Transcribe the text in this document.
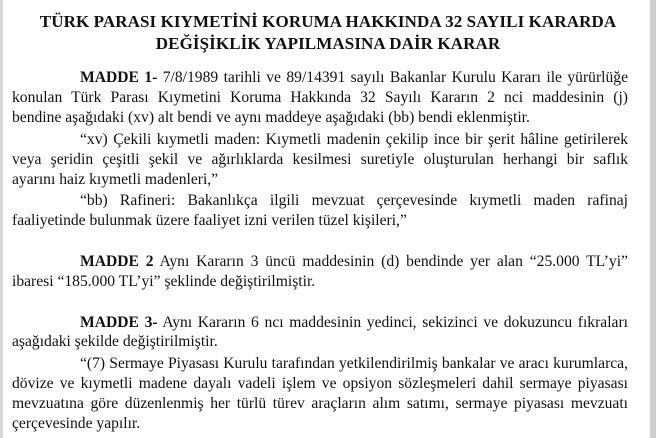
TÜRK PARASI KIYMETİNİ KORUMA HAKKINDA 32 SAYILI KARARDA
DEĞİŞİKLİK YAPILMASINA DAİR KARAR
MADDE 1- 7/8/1989 tarihli ve 89/14391 sayılı Bakanlar Kurulu Kararı ile yürürlüğe
konulan Türk Parası Kıymetini Koruma Hakkında 32 Sayılı Kararın 2 nci maddesinin (j)
bendine aşağıdaki (xv) alt bendi ve aynı maddeye aşağıdaki (bb) bendi eklenmiştir.
“xv) Çekili kıymetli maden: Kıymetli madenin çekilip ince bir şerit hâline getirilerek
veya şeridin çeşitli şekil ve ağırlıklarda kesilmesi suretiyle oluşturulan herhangi bir saflık
ayarını haiz kıymetli madenleri,”
“bb) Rafineri: Bakanlıkça ilgili mevzuat çerçevesinde kıymetli maden rafinaj
faaliyetinde bulunmak üzere faaliyet izni verilen tüzel kişileri,”
MADDE 2 Aynı Kararın 3 üncü maddesinin (d) bendinde yer alan “25.000 TL’yi”
ibaresi “185.000 TL’yi” şeklinde değiştirilmiştir.
MADDE 3- Aynı Kararın 6 ncı maddesinin yedinci, sekizinci ve dokuzuncu fıkraları
aşağıdaki şekilde değiştirilmiştir.
“(7) Sermaye Piyasası Kurulu tarafından yetkilendirilmiş bankalar ve aracı kurumlarca,
dövize ve kıymetli madene dayalı vadeli işlem ve opsiyon sözleşmeleri dahil sermaye piyasası
mevzuatına göre düzenlenmiş her türlü türev araçların alım satımı, sermaye piyasası mevzuatı
çerçevesinde yapılır.
